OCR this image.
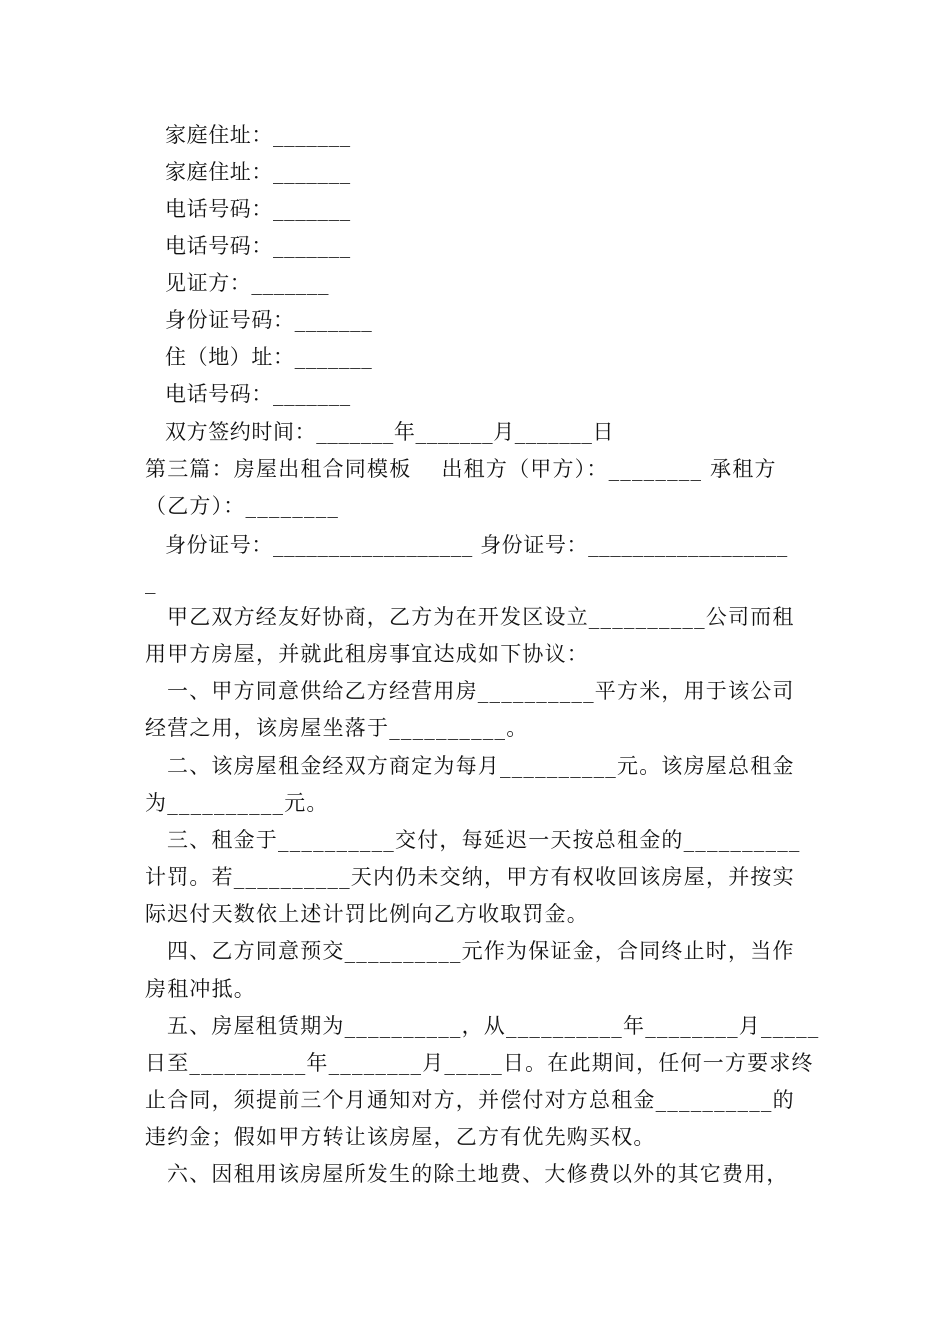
家庭住址：_______
家庭住址：_______
电话号码：_______
电话号码：_______
见证方：_______
身份证号码：_______
住（地）址：_______
电话号码：_______
双方签约时间：_______年_______月_______日
第三篇：房屋出租合同模板　 出租方（甲方）：________ 承租方
（乙方）：________
身份证号：__________________ 身份证号：__________________
_
甲乙双方经友好协商，乙方为在开发区设立__________公司而租
用甲方房屋，并就此租房事宜达成如下协议：
一、甲方同意供给乙方经营用房__________平方米，用于该公司
经营之用，该房屋坐落于__________。
二、该房屋租金经双方商定为每月__________元。该房屋总租金
为__________元。
三、租金于__________交付，每延迟一天按总租金的__________
计罚。若__________天内仍未交纳，甲方有权收回该房屋，并按实
际迟付天数依上述计罚比例向乙方收取罚金。
四、乙方同意预交__________元作为保证金，合同终止时，当作
房租冲抵。
五、房屋租赁期为__________，从__________年________月_____
日至__________年________月_____日。在此期间，任何一方要求终
止合同，须提前三个月通知对方，并偿付对方总租金__________的
违约金；假如甲方转让该房屋，乙方有优先购买权。
六、因租用该房屋所发生的除土地费、大修费以外的其它费用，
